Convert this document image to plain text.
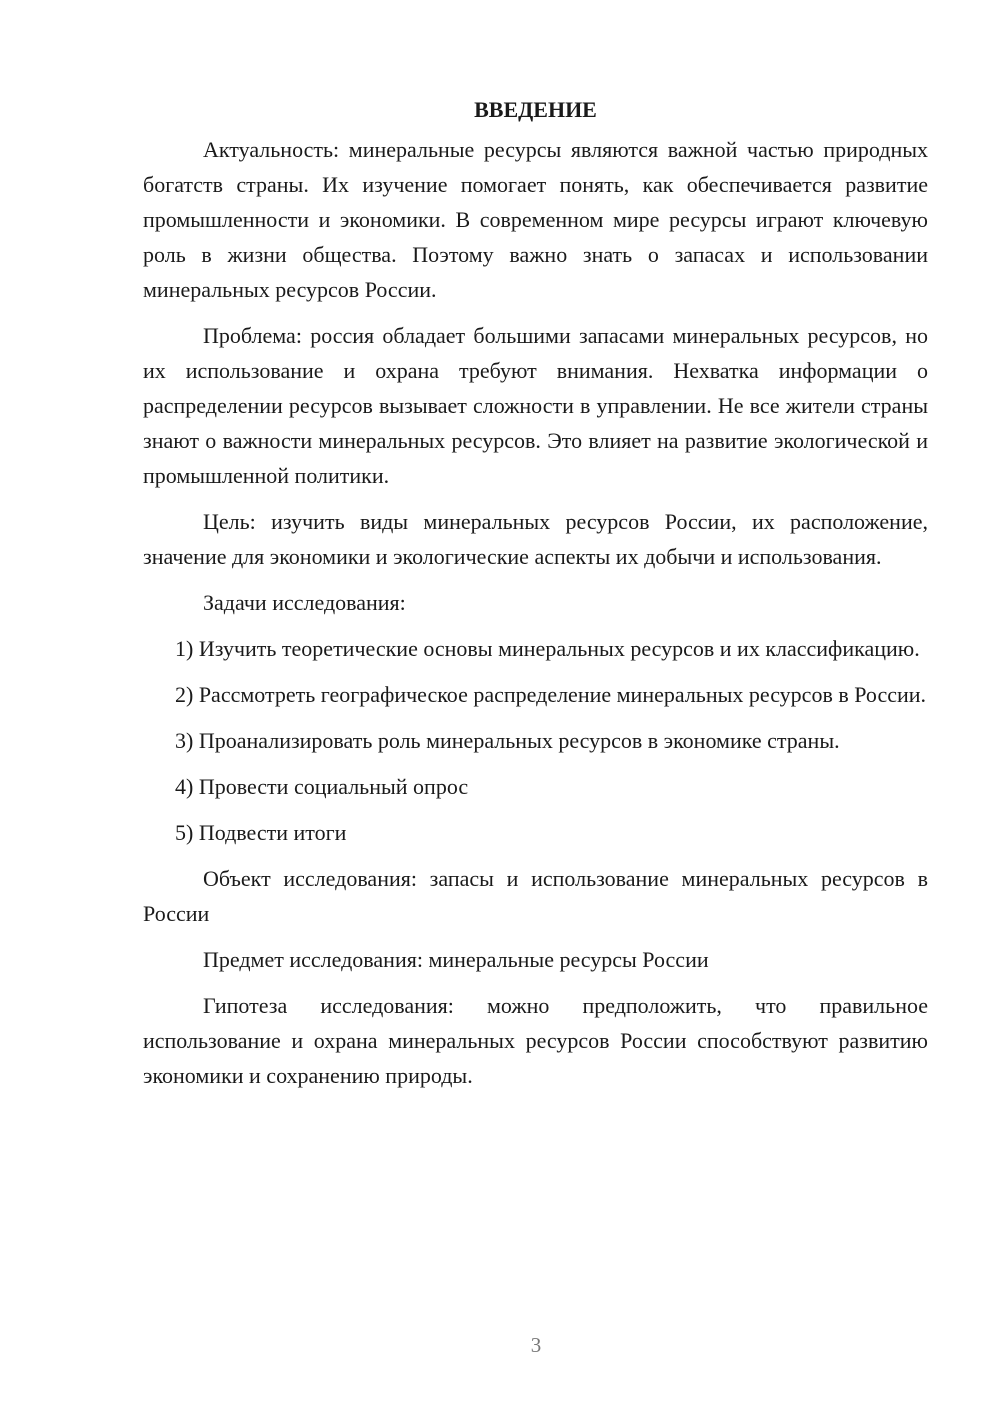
ВВЕДЕНИЕ

Актуальность: минеральные ресурсы являются важной частью природных богатств страны. Их изучение помогает понять, как обеспечивается развитие промышленности и экономики. В современном мире ресурсы играют ключевую роль в жизни общества. Поэтому важно знать о запасах и использовании минеральных ресурсов России.

Проблема: россия обладает большими запасами минеральных ресурсов, но их использование и охрана требуют внимания. Нехватка информации о распределении ресурсов вызывает сложности в управлении. Не все жители страны знают о важности минеральных ресурсов. Это влияет на развитие экологической и промышленной политики.

Цель: изучить виды минеральных ресурсов России, их расположение, значение для экономики и экологические аспекты их добычи и использования.

Задачи исследования:

1) Изучить теоретические основы минеральных ресурсов и их классификацию.

2) Рассмотреть географическое распределение минеральных ресурсов в России.

3) Проанализировать роль минеральных ресурсов в экономике страны.

4) Провести социальный опрос

5) Подвести итоги

Объект исследования: запасы и использование минеральных ресурсов в России

Предмет исследования: минеральные ресурсы России

Гипотеза исследования: можно предположить, что правильное использование и охрана минеральных ресурсов России способствуют развитию экономики и сохранению природы.

3
